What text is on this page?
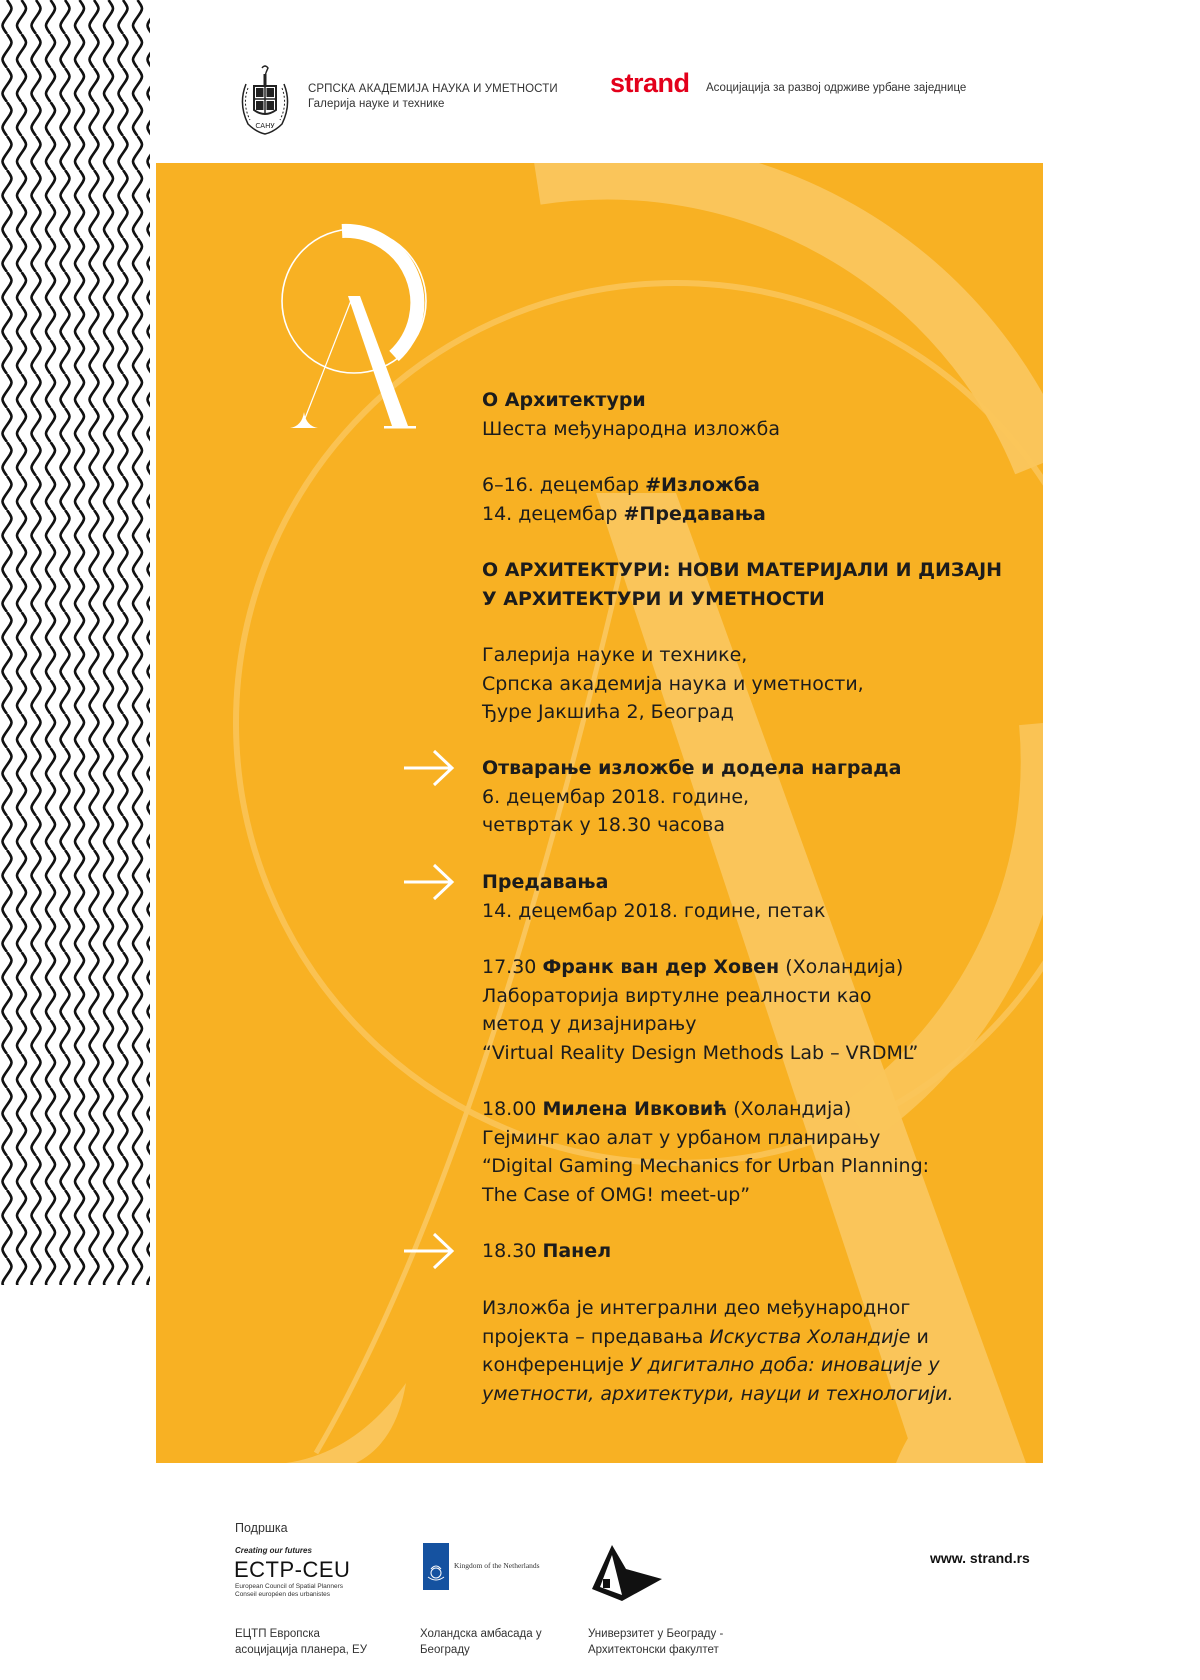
САНУ
СРПСКА АКАДЕМИЈА НАУКА И УМЕТНОСТИ
Галерија науке и технике
strand Асоцијација за развој одрживе урбане заједнице
О Архитектури
Шеста међународна изложба
6–16. децембар #Изложба
14. децембар #Предавања
О АРХИТЕКТУРИ: НОВИ МАТЕРИЈАЛИ И ДИЗАЈН
У АРХИТЕКТУРИ И УМЕТНОСТИ
Галерија науке и технике,
Српска академија наука и уметности,
Ђуре Јакшића 2, Београд
Отварање изложбе и додела награда
6. децембар 2018. године,
четвртак у 18.30 часова
Предавања
14. децембар 2018. године, петак
17.30 Франк ван дер Ховен (Холандија)
Лабораторија виртулне реалности као
метод у дизајнирању
“Virtual Reality Design Methods Lab – VRDML”
18.00 Милена Ивковић (Холандија)
Гејминг као алат у урбаном планирању
“Digital Gaming Mechanics for Urban Planning:
The Case of OMG! meet-up”
18.30 Панел
Изложба је интегрални део међународног
пројекта – предавања Искуства Холандије и
конференције У дигитално доба: иновације у
уметности, архитектури, науци и технологији.
Подршка
Creating our futures
ECTP-CEU
European Council of Spatial Planners
Conseil européen des urbanistes
ЕЦТП Европска
асоцијација планера, ЕУ
Kingdom of the Netherlands
Холандска амбасада у
Београду
Универзитет у Београду -
Архитектонски факултет
www. strand.rs
